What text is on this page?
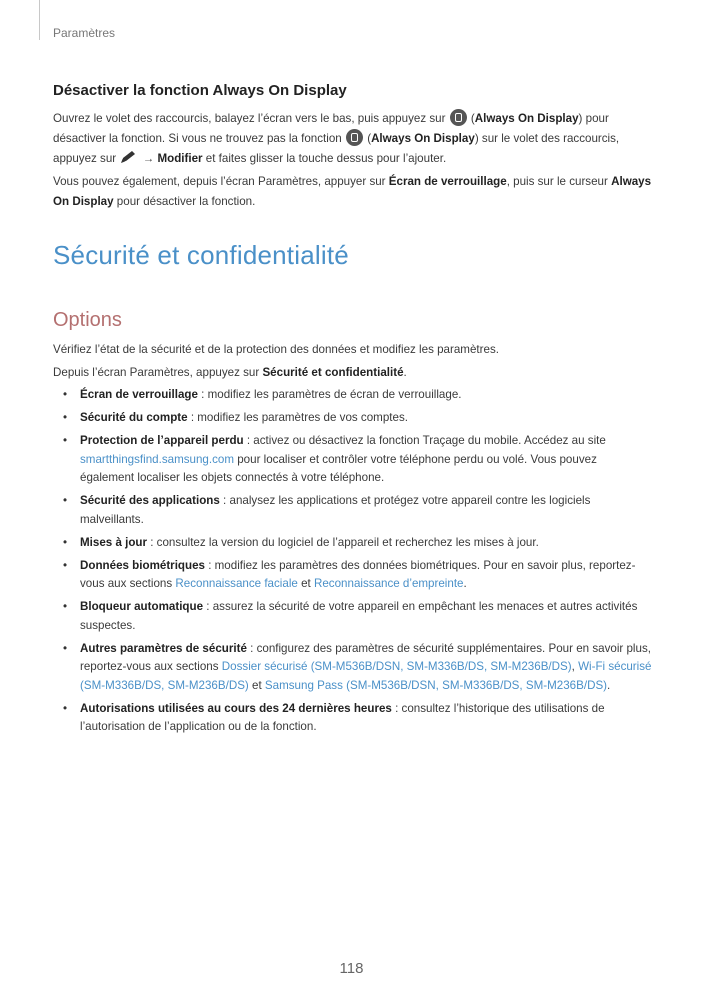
Paramètres
Désactiver la fonction Always On Display

Ouvrez le volet des raccourcis, balayez l’écran vers le bas, puis appuyez sur (Always On Display) pour désactiver la fonction. Si vous ne trouvez pas la fonction (Always On Display) sur le volet des raccourcis, appuyez sur → Modifier et faites glisser la touche dessus pour l’ajouter.

Vous pouvez également, depuis l’écran Paramètres, appuyer sur Écran de verrouillage, puis sur le curseur Always On Display pour désactiver la fonction.

Sécurité et confidentialité
Options

Vérifiez l’état de la sécurité et de la protection des données et modifiez les paramètres.

Depuis l’écran Paramètres, appuyez sur Sécurité et confidentialité.

• Écran de verrouillage : modifiez les paramètres de écran de verrouillage.
• Sécurité du compte : modifiez les paramètres de vos comptes.
• Protection de l’appareil perdu : activez ou désactivez la fonction Traçage du mobile. Accédez au site smartthingsfind.samsung.com pour localiser et contrôler votre téléphone perdu ou volé. Vous pouvez également localiser les objets connectés à votre téléphone.
• Sécurité des applications : analysez les applications et protégez votre appareil contre les logiciels malveillants.
• Mises à jour : consultez la version du logiciel de l’appareil et recherchez les mises à jour.
• Données biométriques : modifiez les paramètres des données biométriques. Pour en savoir plus, reportez-vous aux sections Reconnaissance faciale et Reconnaissance d’empreinte.
• Bloqueur automatique : assurez la sécurité de votre appareil en empêchant les menaces et autres activités suspectes.
• Autres paramètres de sécurité : configurez des paramètres de sécurité supplémentaires. Pour en savoir plus, reportez-vous aux sections Dossier sécurisé (SM-M536B/DSN, SM-M336B/DS, SM-M236B/DS), Wi-Fi sécurisé (SM-M336B/DS, SM-M236B/DS) et Samsung Pass (SM-M536B/DSN, SM-M336B/DS, SM-M236B/DS).
• Autorisations utilisées au cours des 24 dernières heures : consultez l’historique des utilisations de l’autorisation de l’application ou de la fonction.
118
